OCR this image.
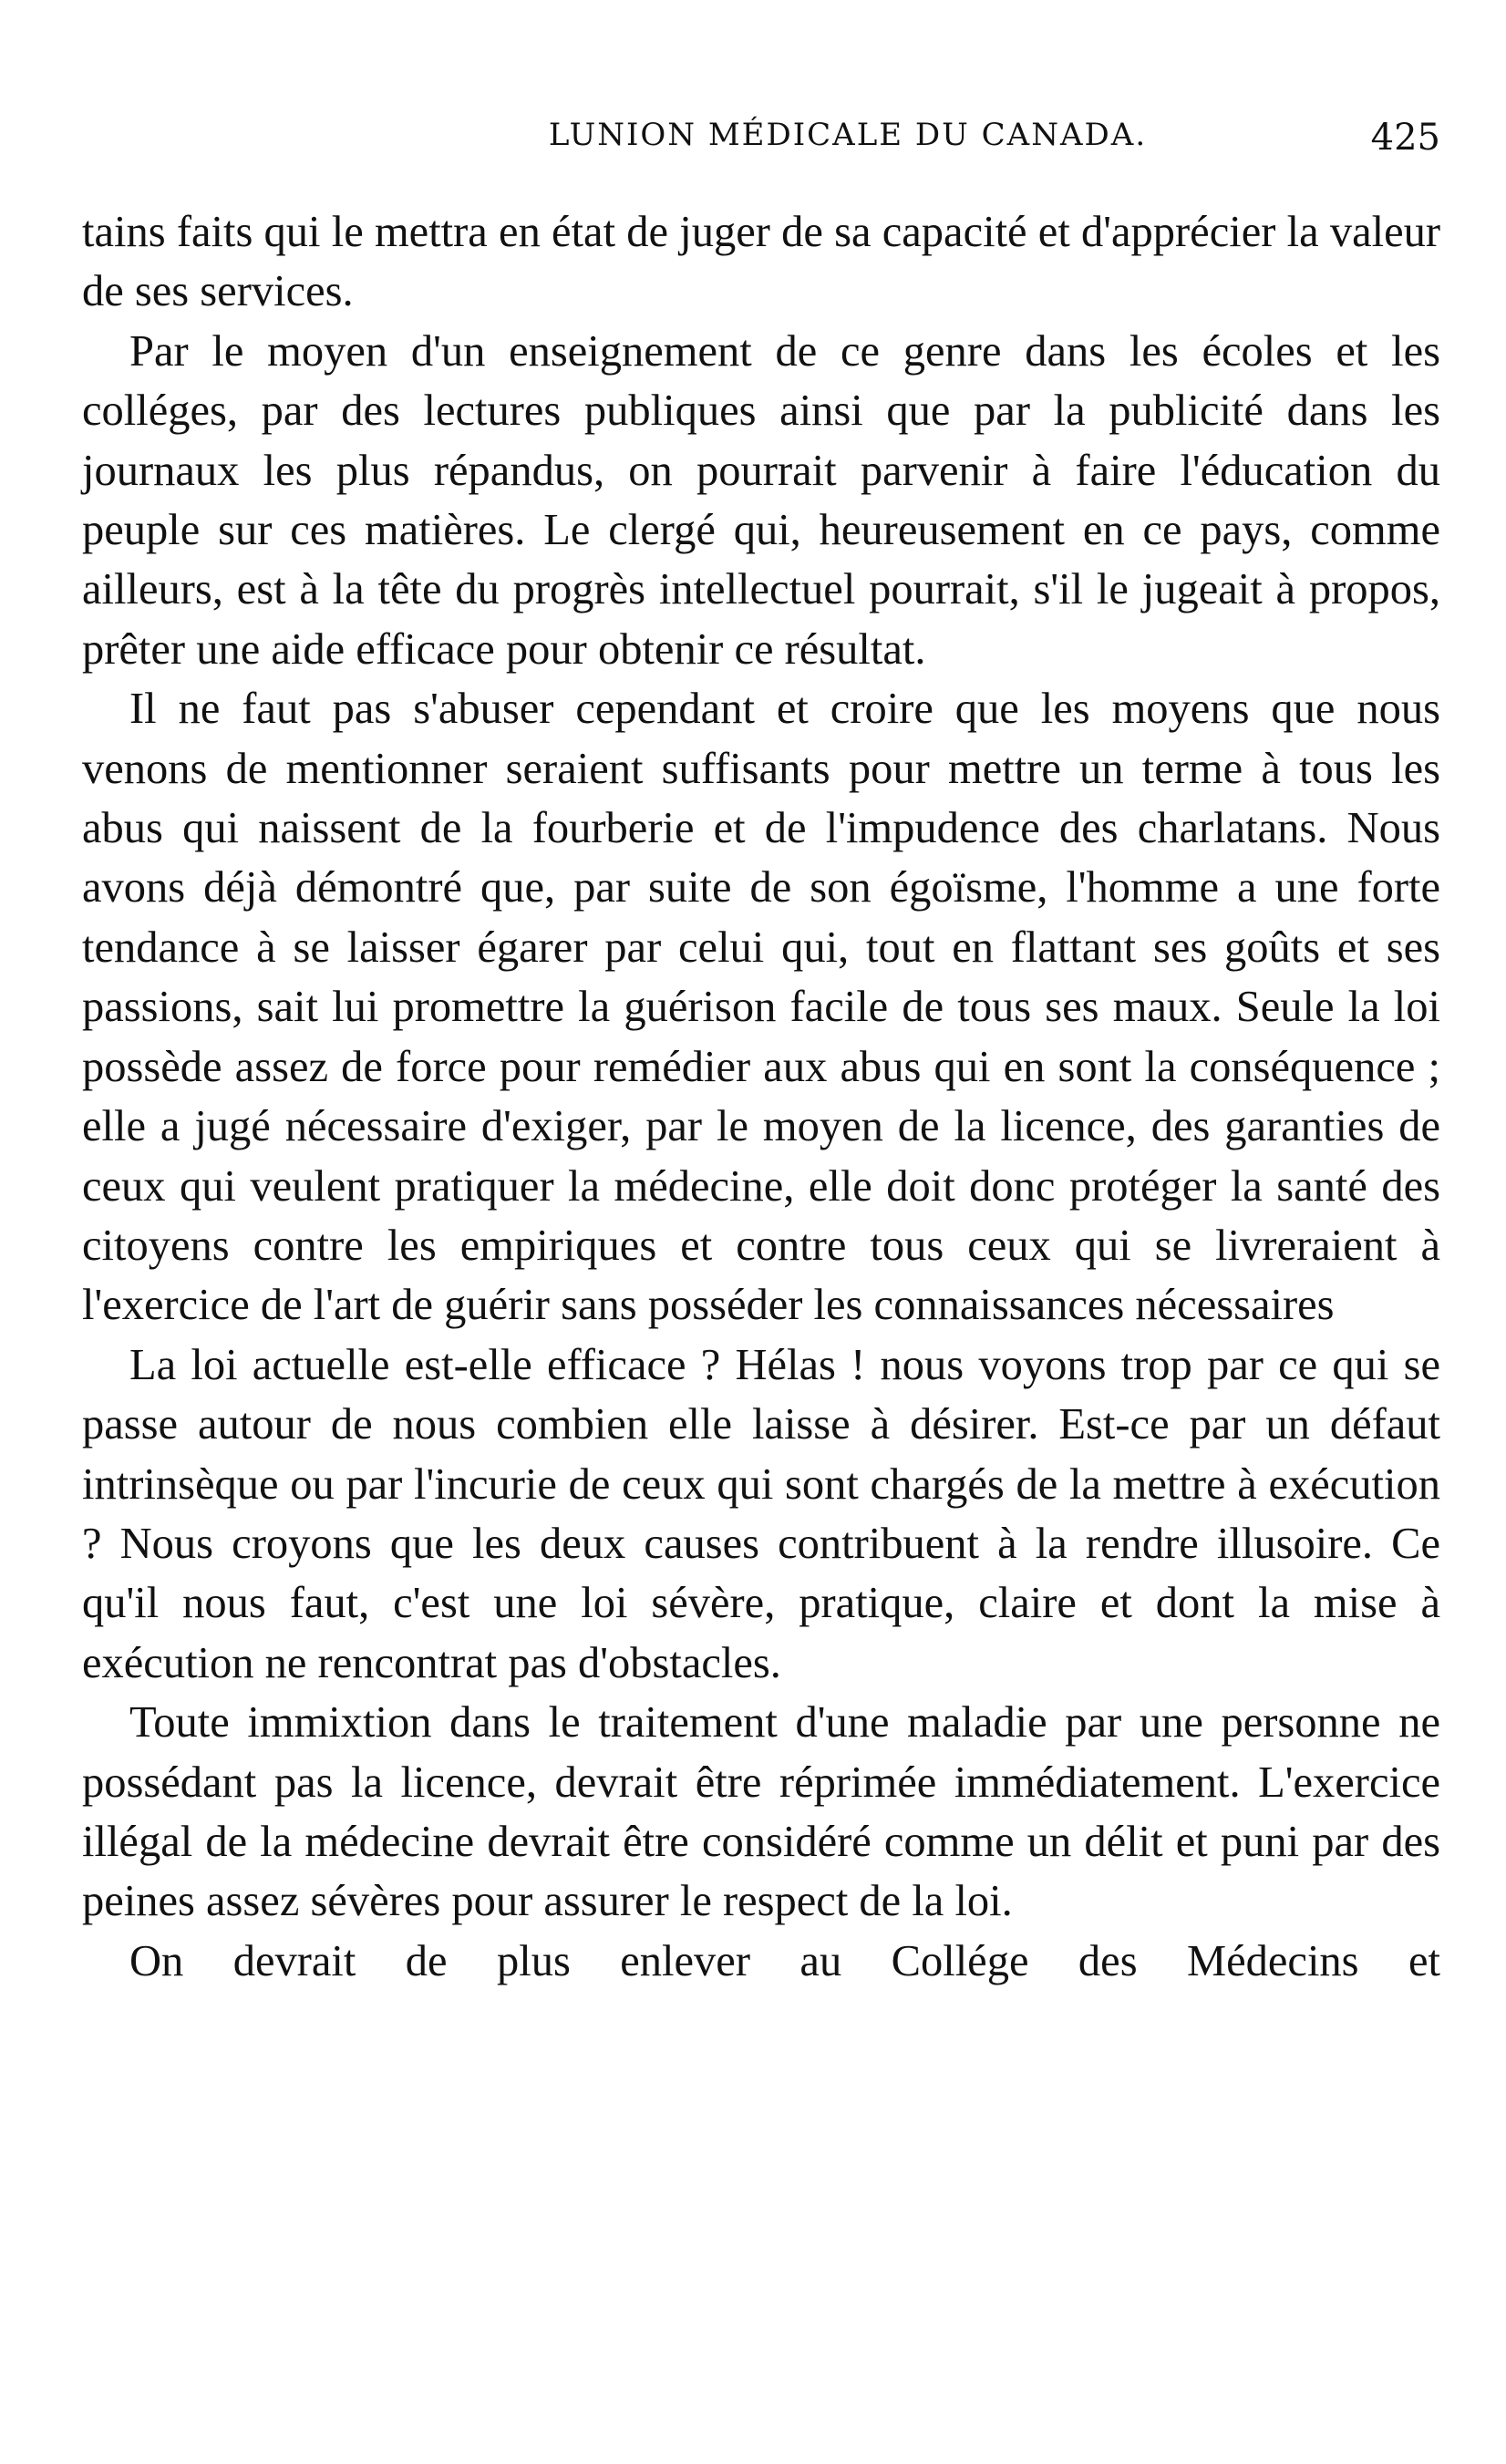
LUNION MÉDICALE DU CANADA.	425

tains faits qui le mettra en état de juger de sa capacité et d'apprécier la valeur de ses services.

Par le moyen d'un enseignement de ce genre dans les écoles et les colléges, par des lectures publiques ainsi que par la publicité dans les journaux les plus répandus, on pourrait parvenir à faire l'éducation du peuple sur ces matières. Le clergé qui, heureusement en ce pays, comme ailleurs, est à la tête du progrès intellectuel pourrait, s'il le jugeait à propos, prêter une aide efficace pour obtenir ce résultat.

Il ne faut pas s'abuser cependant et croire que les moyens que nous venons de mentionner seraient suffisants pour mettre un terme à tous les abus qui naissent de la fourberie et de l'impudence des charlatans. Nous avons déjà démontré que, par suite de son égoïsme, l'homme a une forte tendance à se laisser égarer par celui qui, tout en flattant ses goûts et ses passions, sait lui promettre la guérison facile de tous ses maux. Seule la loi possède assez de force pour remédier aux abus qui en sont la conséquence ; elle a jugé nécessaire d'exiger, par le moyen de la licence, des garanties de ceux qui veulent pratiquer la médecine, elle doit donc protéger la santé des citoyens contre les empiriques et contre tous ceux qui se livreraient à l'exercice de l'art de guérir sans posséder les connaissances nécessaires

La loi actuelle est-elle efficace ? Hélas ! nous voyons trop par ce qui se passe autour de nous combien elle laisse à désirer. Est-ce par un défaut intrinsèque ou par l'incurie de ceux qui sont chargés de la mettre à exécution ? Nous croyons que les deux causes contribuent à la rendre illusoire. Ce qu'il nous faut, c'est une loi sévère, pratique, claire et dont la mise à exécution ne rencontrat pas d'obstacles.

Toute immixtion dans le traitement d'une maladie par une personne ne possédant pas la licence, devrait être réprimée immédiatement. L'exercice illégal de la médecine devrait être considéré comme un délit et puni par des peines assez sévères pour assurer le respect de la loi.

On devrait de plus enlever au Collége des Médecins et
